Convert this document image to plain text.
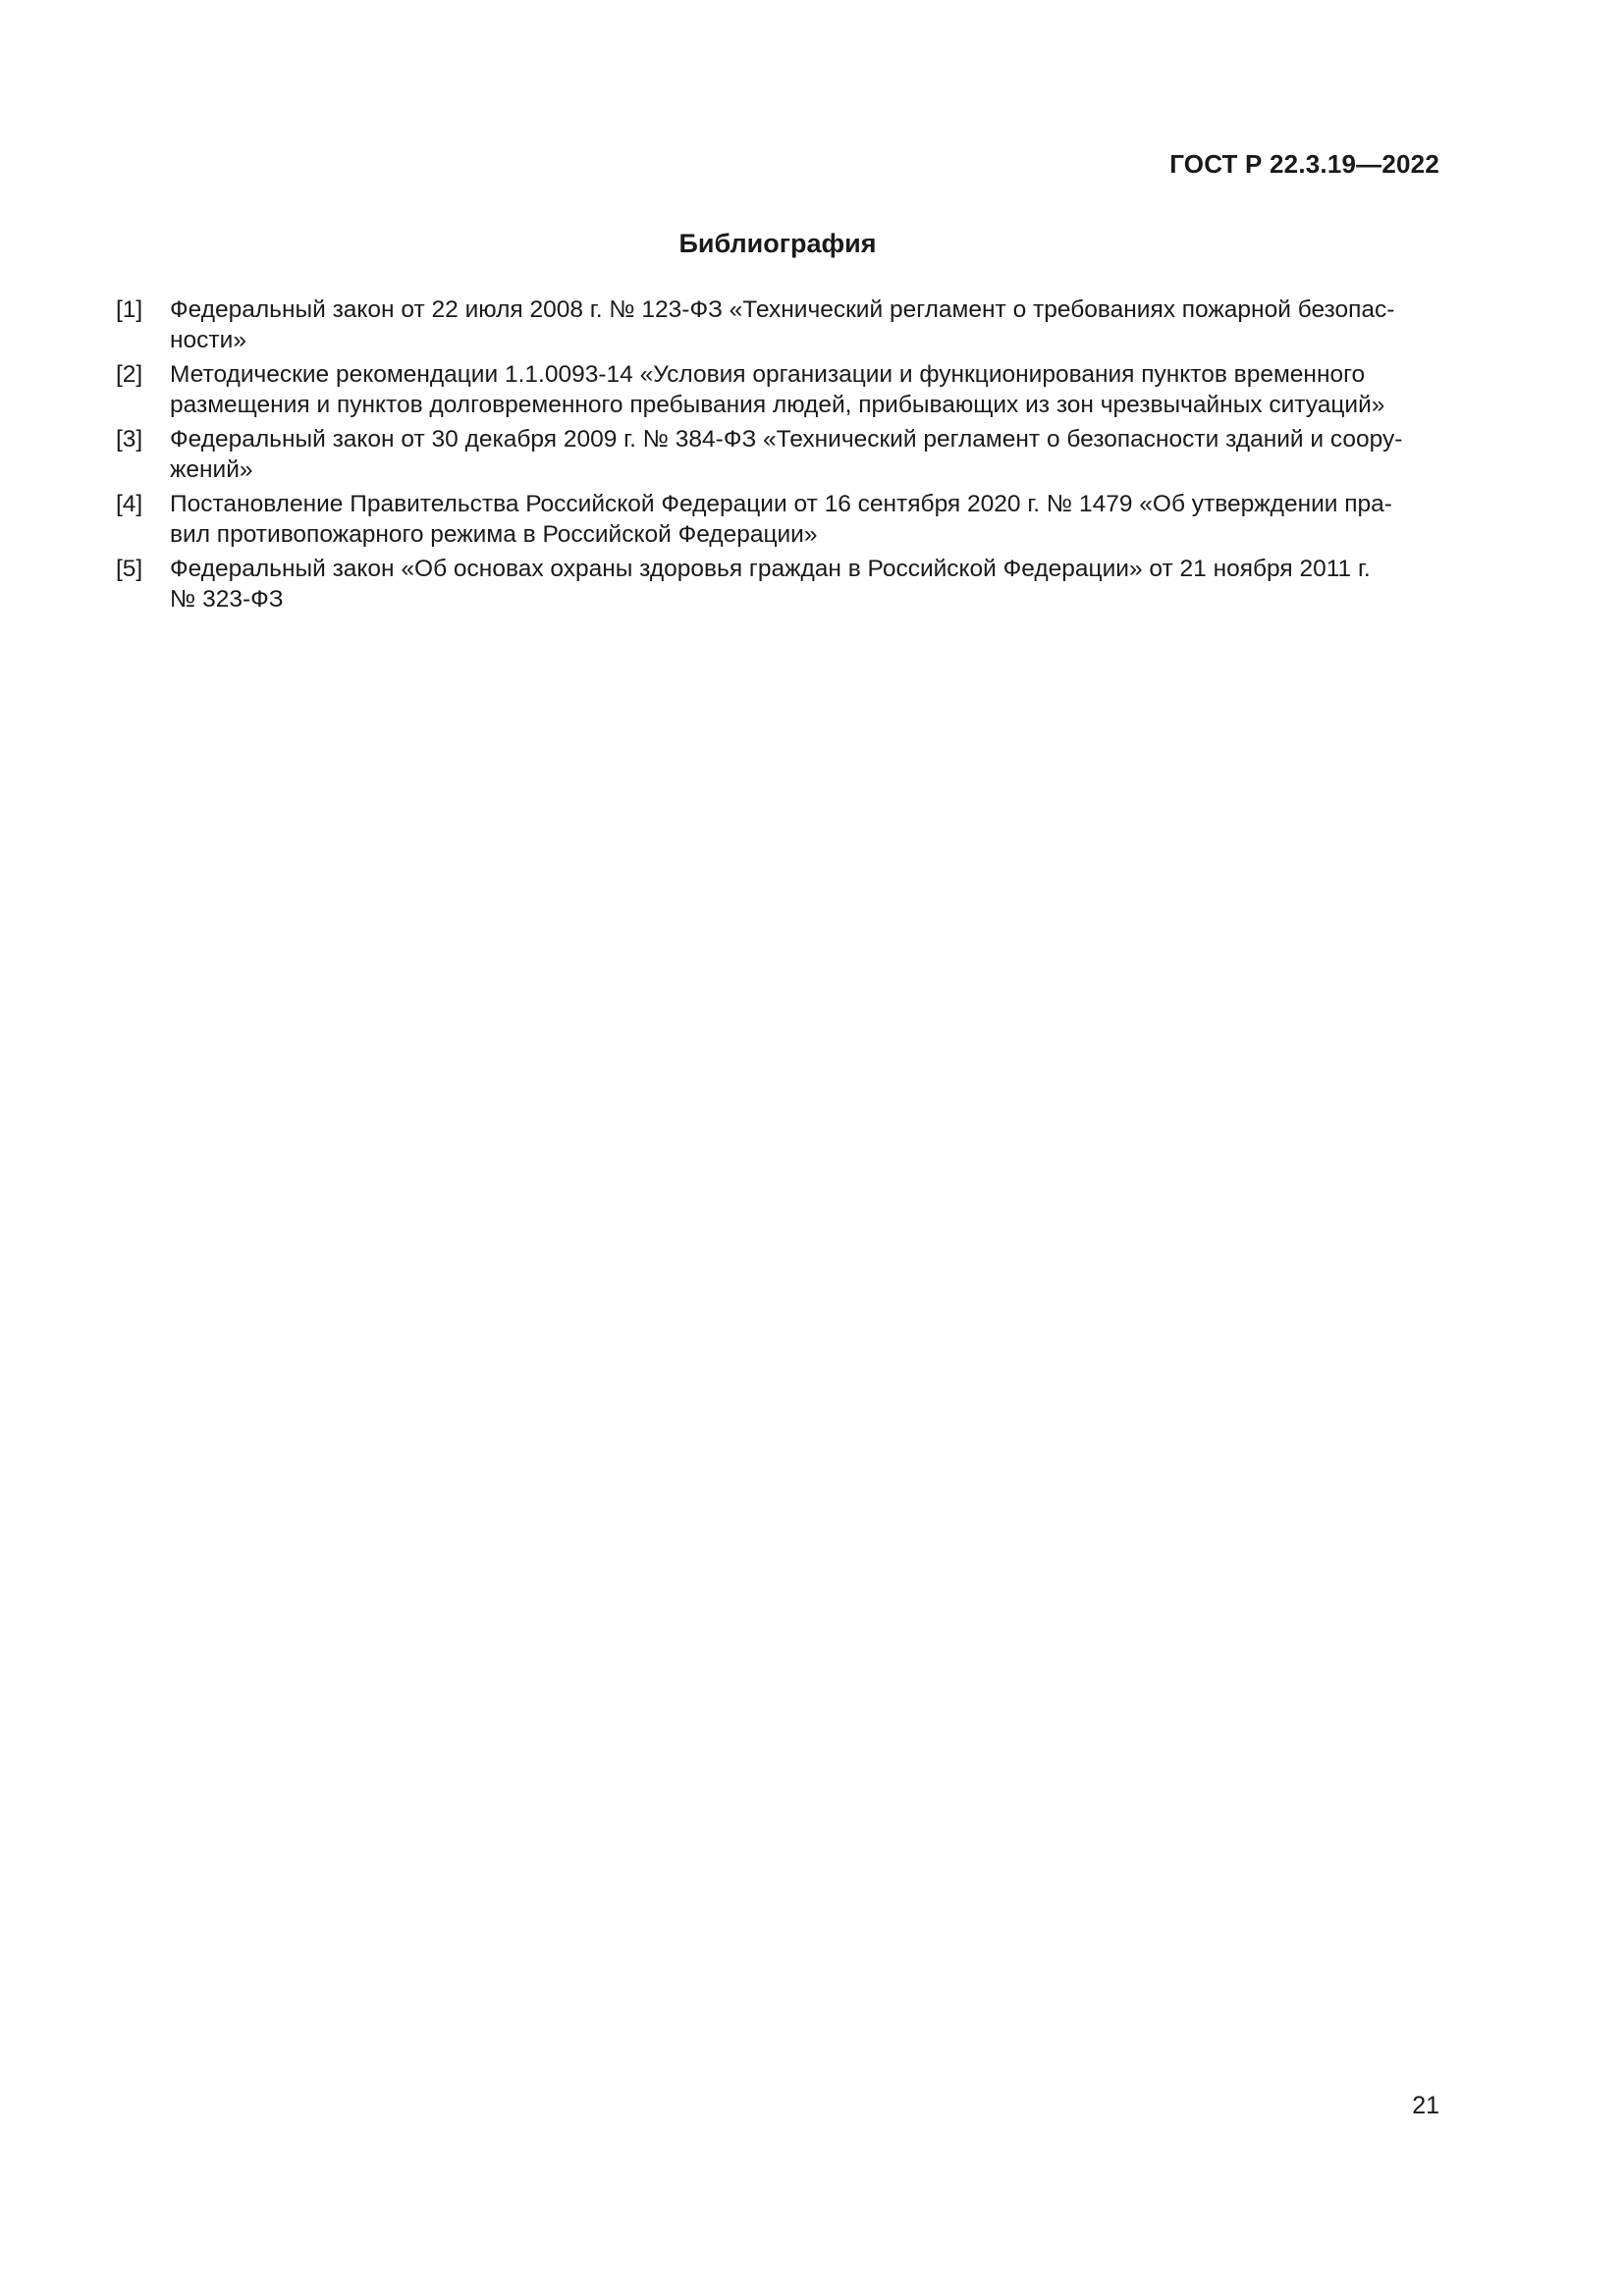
ГОСТ Р 22.3.19—2022
Библиография
[1]	Федеральный закон от 22 июля 2008 г. № 123-ФЗ «Технический регламент о требованиях пожарной безопас-
ности»
[2]	Методические рекомендации 1.1.0093-14 «Условия организации и функционирования пунктов временного
размещения и пунктов долговременного пребывания людей, прибывающих из зон чрезвычайных ситуаций»
[3]	Федеральный закон от 30 декабря 2009 г. № 384-ФЗ «Технический регламент о безопасности зданий и соору-
жений»
[4]	Постановление Правительства Российской Федерации от 16 сентября 2020 г. № 1479 «Об утверждении пра-
вил противопожарного режима в Российской Федерации»
[5]	Федеральный закон «Об основах охраны здоровья граждан в Российской Федерации» от 21 ноября 2011 г.
№ 323-ФЗ
21
